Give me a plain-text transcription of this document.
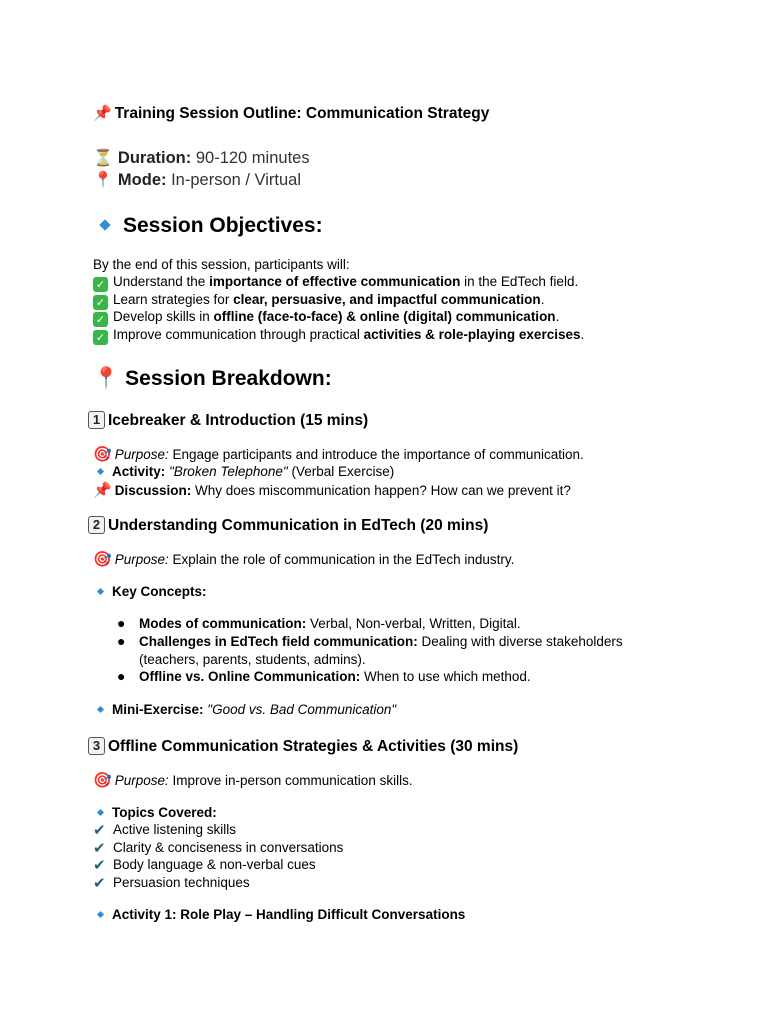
📌 Training Session Outline: Communication Strategy
⏳ Duration: 90-120 minutes
📍 Mode: In-person / Virtual
Session Objectives:
By the end of this session, participants will:
✓ Understand the importance of effective communication in the EdTech field.
✓ Learn strategies for clear, persuasive, and impactful communication.
✓ Develop skills in offline (face-to-face) & online (digital) communication.
✓ Improve communication through practical activities & role-playing exercises.
📍 Session Breakdown:
1 Icebreaker & Introduction (15 mins)
🎯 Purpose: Engage participants and introduce the importance of communication.
Activity: "Broken Telephone" (Verbal Exercise)
📌 Discussion: Why does miscommunication happen? How can we prevent it?
2 Understanding Communication in EdTech (20 mins)
🎯 Purpose: Explain the role of communication in the EdTech industry.
Key Concepts:
● Modes of communication: Verbal, Non-verbal, Written, Digital.
● Challenges in EdTech field communication: Dealing with diverse stakeholders
(teachers, parents, students, admins).
● Offline vs. Online Communication: When to use which method.
Mini-Exercise: "Good vs. Bad Communication"
3 Offline Communication Strategies & Activities (30 mins)
🎯 Purpose: Improve in-person communication skills.
Topics Covered:
✔ Active listening skills
✔ Clarity & conciseness in conversations
✔ Body language & non-verbal cues
✔ Persuasion techniques
Activity 1: Role Play – Handling Difficult Conversations
